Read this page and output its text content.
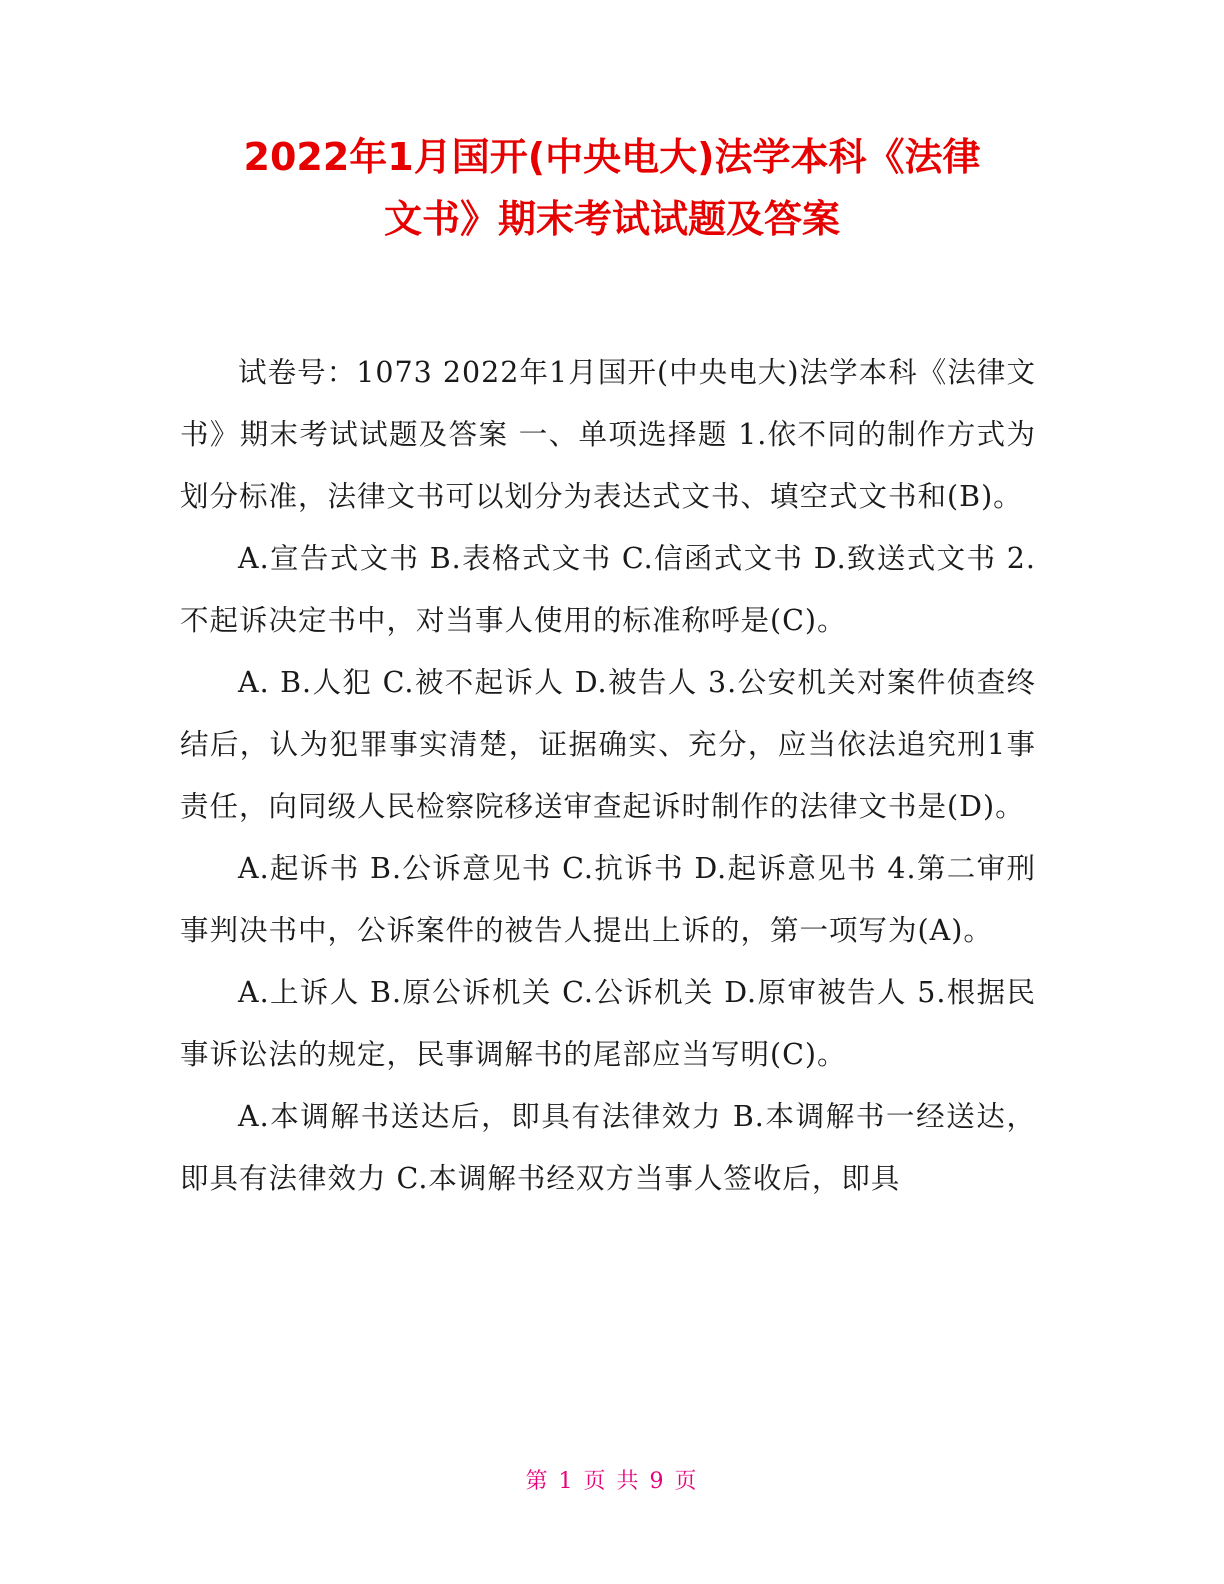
2022年1月国开(中央电大)法学本科《法律
文书》期末考试试题及答案

试卷号：1073 2022年1月国开(中央电大)法学本科《法律文书》期末考试试题及答案 一、单项选择题 1.依不同的制作方式为划分标准，法律文书可以划分为表达式文书、填空式文书和(B)。

A.宣告式文书 B.表格式文书 C.信函式文书 D.致送式文书 2.不起诉决定书中，对当事人使用的标准称呼是(C)。

A. B.人犯 C.被不起诉人 D.被告人 3.公安机关对案件侦查终结后，认为犯罪事实清楚，证据确实、充分，应当依法追究刑1事责任，向同级人民检察院移送审查起诉时制作的法律文书是(D)。

A.起诉书 B.公诉意见书 C.抗诉书 D.起诉意见书 4.第二审刑事判决书中，公诉案件的被告人提出上诉的，第一项写为(A)。

A.上诉人 B.原公诉机关 C.公诉机关 D.原审被告人 5.根据民事诉讼法的规定，民事调解书的尾部应当写明(C)。

A.本调解书送达后，即具有法律效力 B.本调解书一经送达，即具有法律效力 C.本调解书经双方当事人签收后，即具

第 1 页 共 9 页
